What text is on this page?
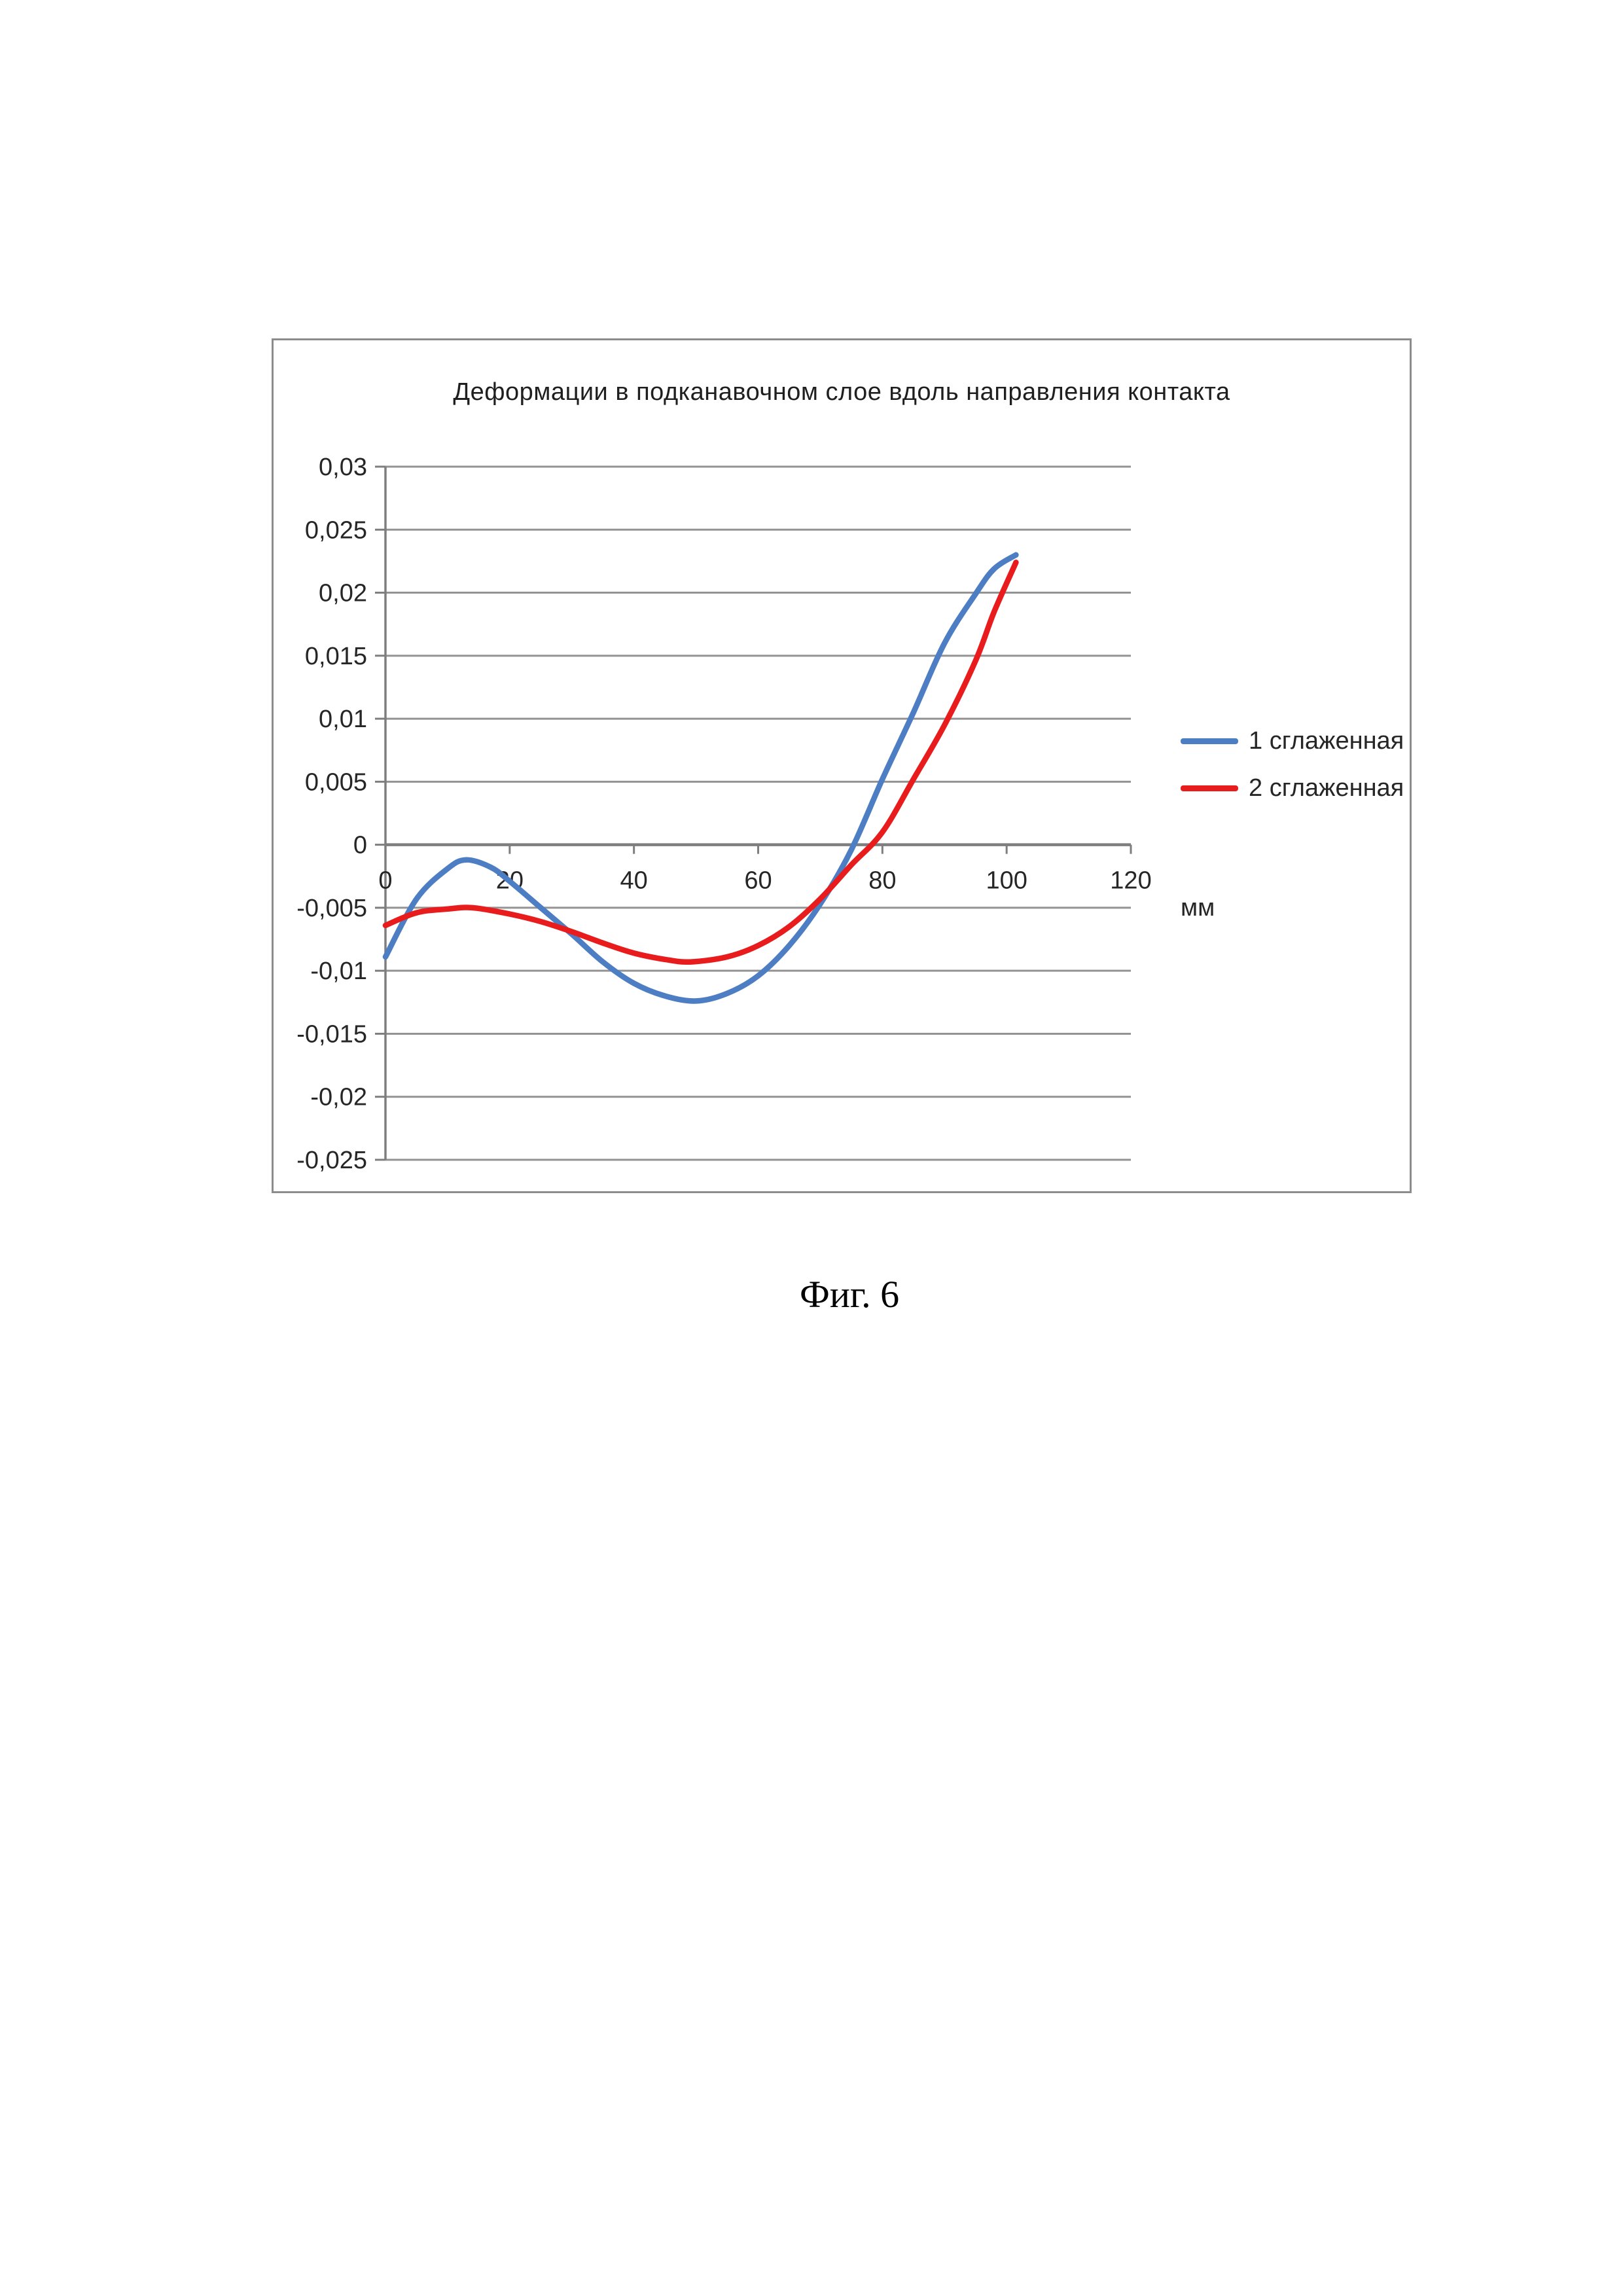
Деформации в подканавочном слое вдоль направления контакта
0,03
0,025
0,02
0,015
0,01
0,005
0
-0,005
-0,01
-0,015
-0,02
-0,025
0	20	40	60	80	100	120
1 сглаженная
2 сглаженная
мм
Фиг. 6
